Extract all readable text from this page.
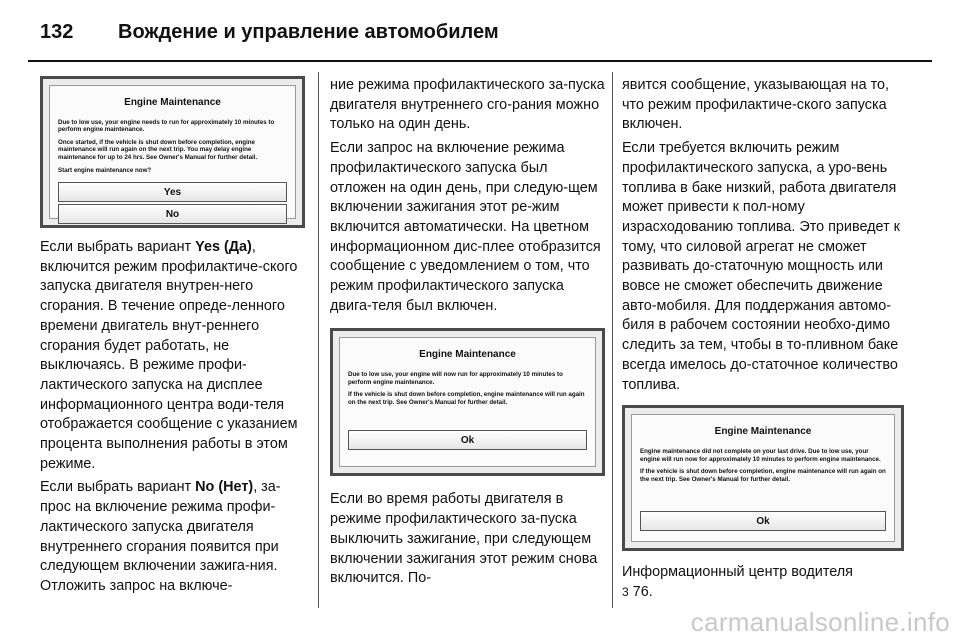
132	Вождение и управление автомобилем
Engine Maintenance
Due to low use, your engine needs to run for approximately 10 minutes to perform engine maintenance.
Once started, if the vehicle is shut down before completion, engine maintenance will run again on the next trip. You may delay engine maintenance for up to 24 hrs. See Owner's Manual for further detail.
Start engine maintenance now?
Yes
No

Если выбрать вариант Yes (Да), включится режим профилактиче-ского запуска двигателя внутрен-него сгорания. В течение опреде-ленного времени двигатель внут-реннего сгорания будет работать, не выключаясь. В режиме профи-лактического запуска на дисплее информационного центра води-теля отображается сообщение с указанием процента выполнения работы в этом режиме.

Если выбрать вариант No (Нет), за-прос на включение режима профи-лактического запуска двигателя внутреннего сгорания появится при следующем включении зажига-ния. Отложить запрос на включе-

ние режима профилактического за-пуска двигателя внутреннего сго-рания можно только на один день.

Если запрос на включение режима профилактического запуска был отложен на один день, при следую-щем включении зажигания этот ре-жим включится автоматически. На цветном информационном дис-плее отобразится сообщение с уведомлением о том, что режим профилактического запуска двига-теля был включен.

Engine Maintenance
Due to low use, your engine will now run for approximately 10 minutes to perform engine maintenance.
If the vehicle is shut down before completion, engine maintenance will run again on the next trip. See Owner's Manual for further detail.
Ok

Если во время работы двигателя в режиме профилактического за-пуска выключить зажигание, при следующем включении зажигания этот режим снова включится. По-

явится сообщение, указывающая на то, что режим профилактиче-ского запуска включен.

Если требуется включить режим профилактического запуска, а уро-вень топлива в баке низкий, работа двигателя может привести к пол-ному израсходованию топлива. Это приведет к тому, что силовой агрегат не сможет развивать до-статочную мощность или вовсе не сможет обеспечить движение авто-мобиля. Для поддержания автомо-биля в рабочем состоянии необхо-димо следить за тем, чтобы в то-пливном баке всегда имелось до-статочное количество топлива.

Engine Maintenance
Engine maintenance did not complete on your last drive. Due to low use, your engine will run now for approximately 10 minutes to perform engine maintenance.
If the vehicle is shut down before completion, engine maintenance will run again on the next trip. See Owner's Manual for further detail.
Ok

Информационный центр водителя
3 76.

carmanualsonline.info
